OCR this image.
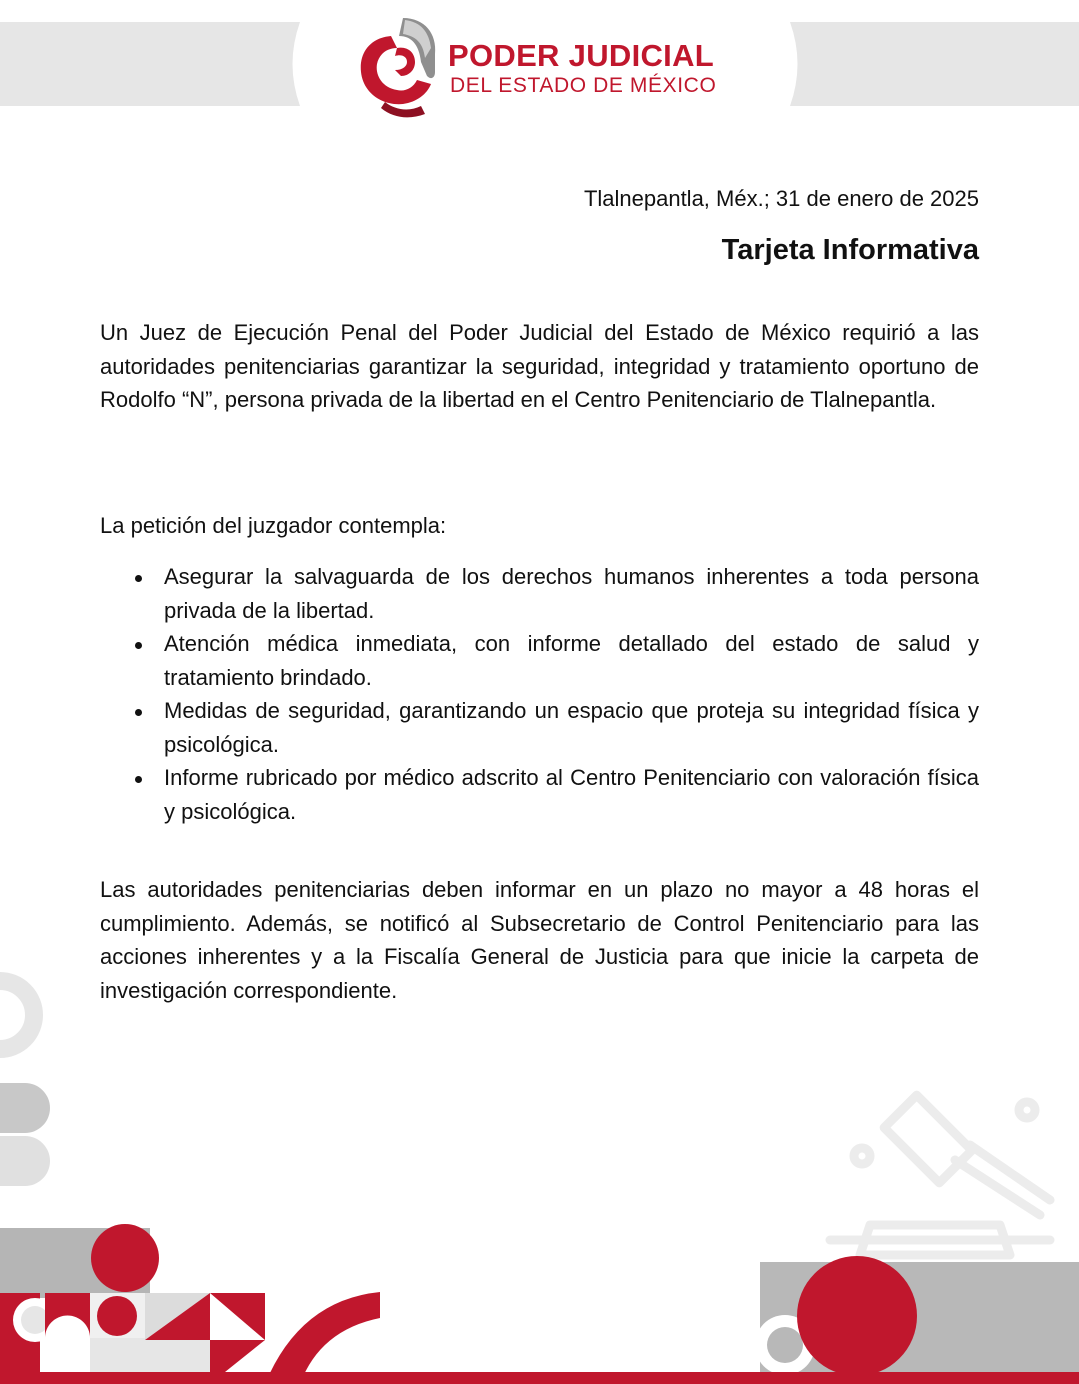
PODER JUDICIAL
DEL ESTADO DE MÉXICO
Tlalnepantla, Méx.; 31 de enero de 2025
Tarjeta Informativa

Un Juez de Ejecución Penal del Poder Judicial del Estado de México requirió a las autoridades penitenciarias garantizar la seguridad, integridad y tratamiento oportuno de Rodolfo “N”, persona privada de la libertad en el Centro Penitenciario de Tlalnepantla.

La petición del juzgador contempla:

Asegurar la salvaguarda de los derechos humanos inherentes a toda persona privada de la libertad.
Atención médica inmediata, con informe detallado del estado de salud y tratamiento brindado.
Medidas de seguridad, garantizando un espacio que proteja su integridad física y psicológica.
Informe rubricado por médico adscrito al Centro Penitenciario con valoración física y psicológica.

Las autoridades penitenciarias deben informar en un plazo no mayor a 48 horas el cumplimiento. Además, se notificó al Subsecretario de Control Penitenciario para las acciones inherentes y a la Fiscalía General de Justicia para que inicie la carpeta de investigación correspondiente.
